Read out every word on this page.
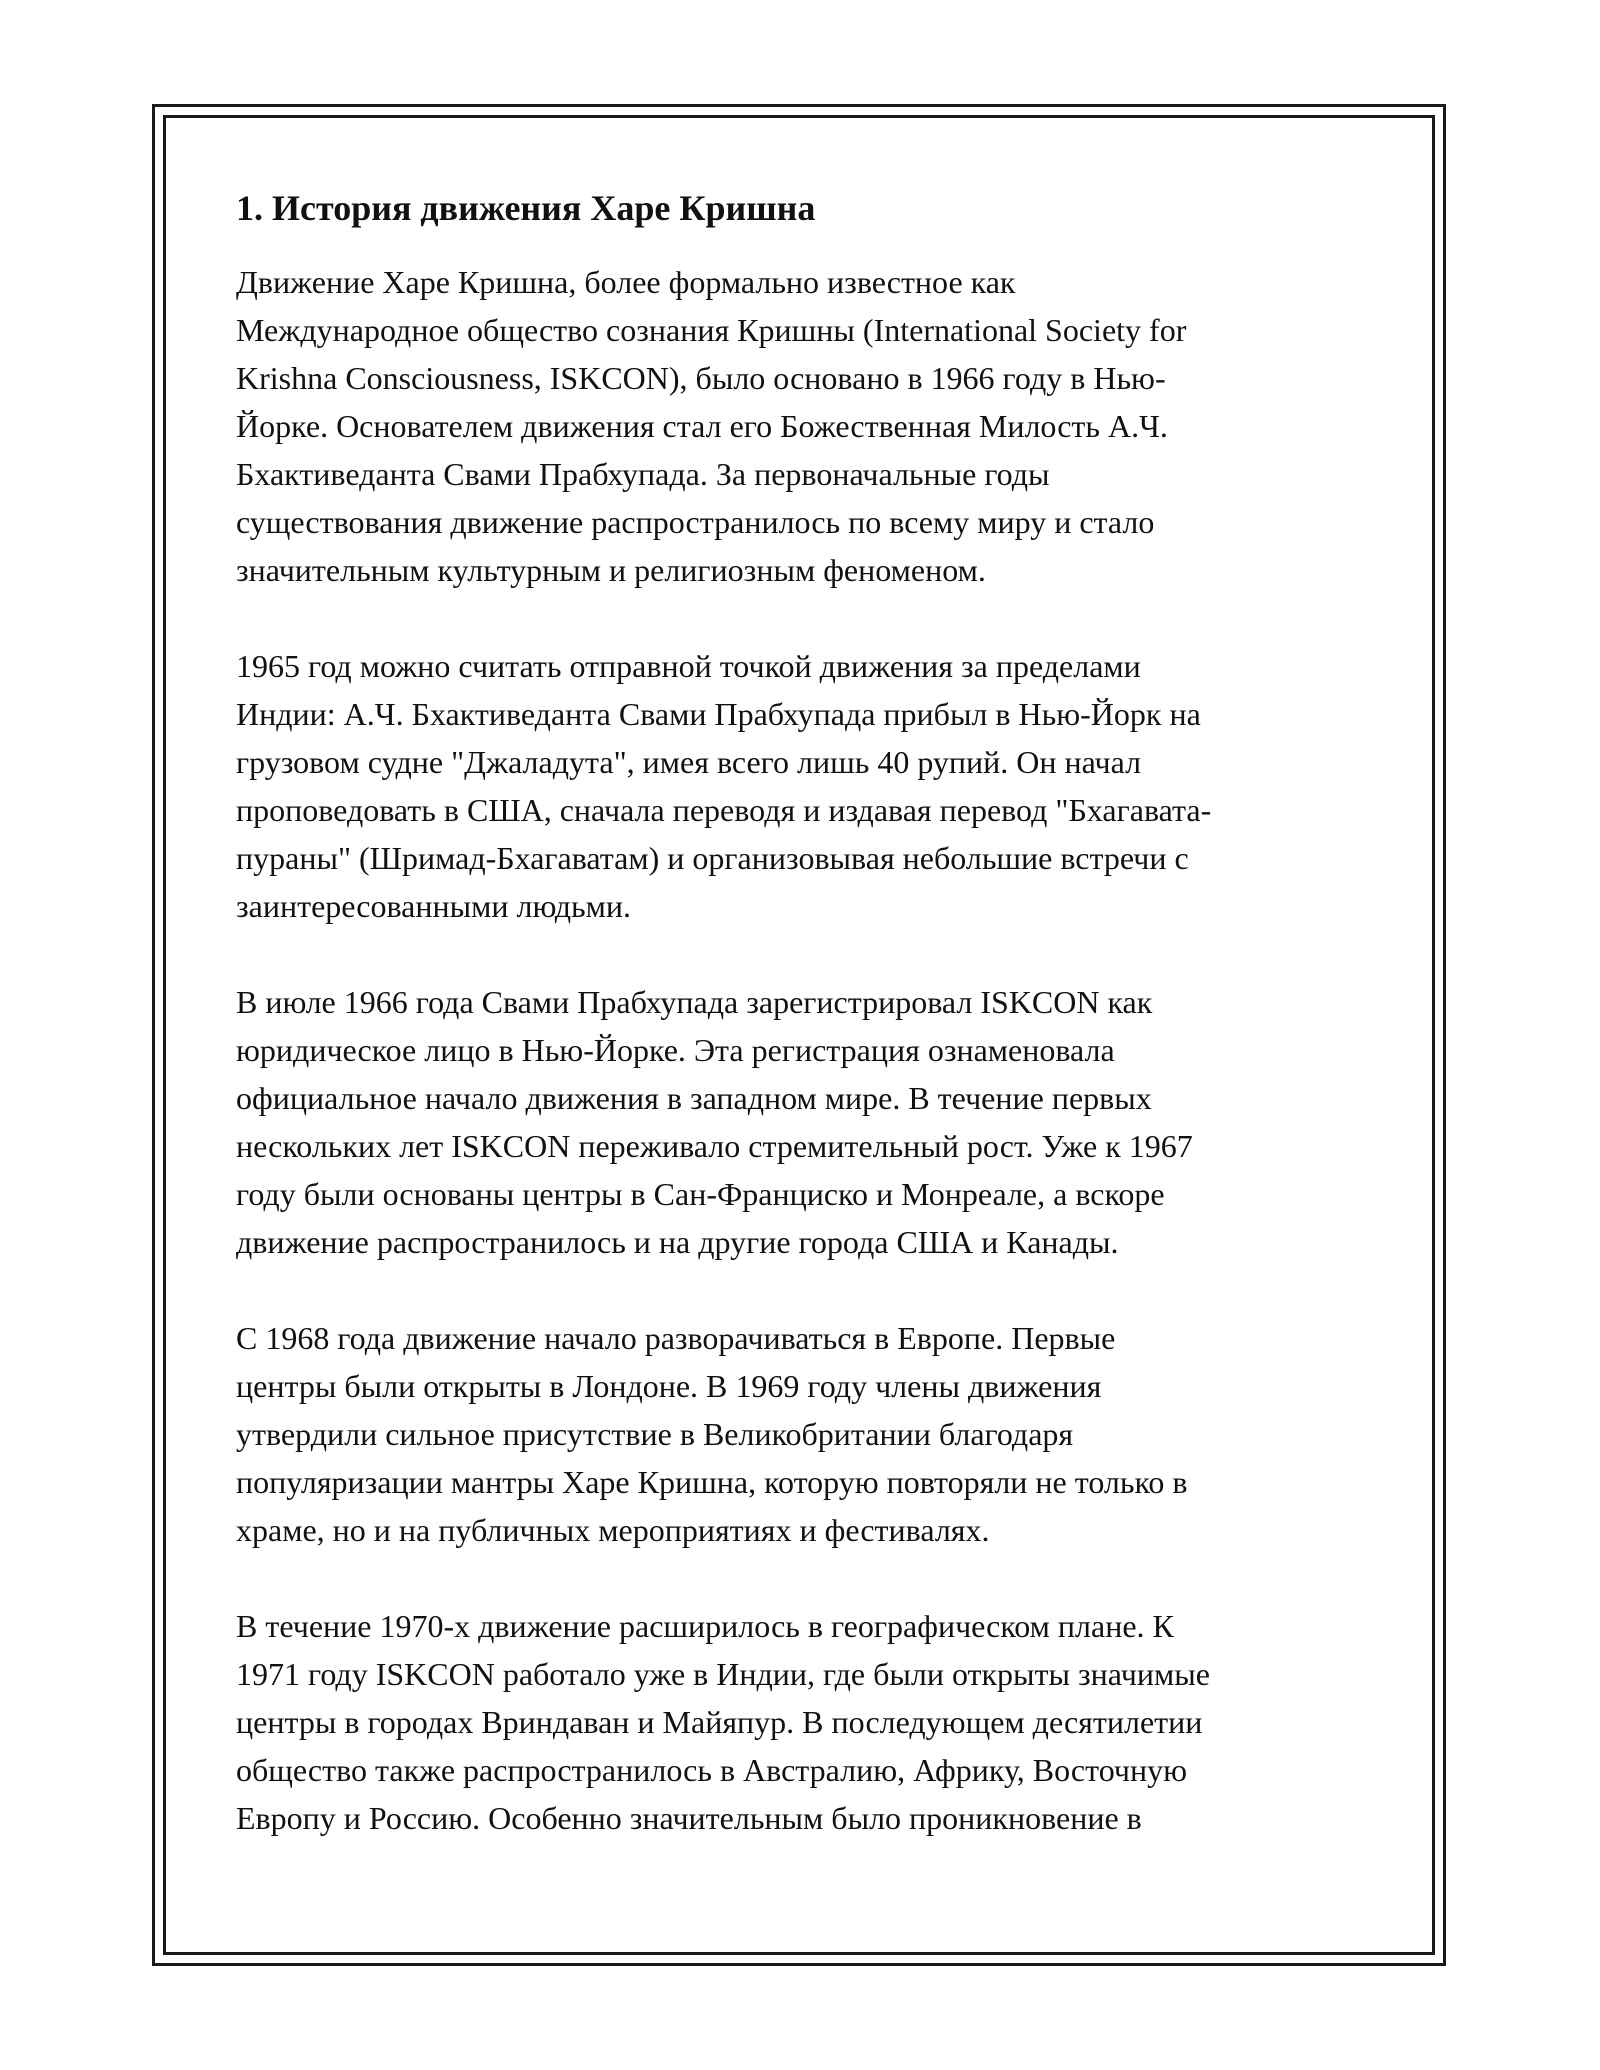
1. История движения Харе Кришна

Движение Харе Кришна, более формально известное как
Международное общество сознания Кришны (International Society for
Krishna Consciousness, ISKCON), было основано в 1966 году в Нью-
Йорке. Основателем движения стал его Божественная Милость А.Ч.
Бхактиведанта Свами Прабхупада. За первоначальные годы
существования движение распространилось по всему миру и стало
значительным культурным и религиозным феноменом.

1965 год можно считать отправной точкой движения за пределами
Индии: А.Ч. Бхактиведанта Свами Прабхупада прибыл в Нью-Йорк на
грузовом судне "Джаладута", имея всего лишь 40 рупий. Он начал
проповедовать в США, сначала переводя и издавая перевод "Бхагавата-
пураны" (Шримад-Бхагаватам) и организовывая небольшие встречи с
заинтересованными людьми.

В июле 1966 года Свами Прабхупада зарегистрировал ISKCON как
юридическое лицо в Нью-Йорке. Эта регистрация ознаменовала
официальное начало движения в западном мире. В течение первых
нескольких лет ISKCON переживало стремительный рост. Уже к 1967
году были основаны центры в Сан-Франциско и Монреале, а вскоре
движение распространилось и на другие города США и Канады.

С 1968 года движение начало разворачиваться в Европе. Первые
центры были открыты в Лондоне. В 1969 году члены движения
утвердили сильное присутствие в Великобритании благодаря
популяризации мантры Харе Кришна, которую повторяли не только в
храме, но и на публичных мероприятиях и фестивалях.

В течение 1970-х движение расширилось в географическом плане. К
1971 году ISKCON работало уже в Индии, где были открыты значимые
центры в городах Вриндаван и Майяпур. В последующем десятилетии
общество также распространилось в Австралию, Африку, Восточную
Европу и Россию. Особенно значительным было проникновение в
